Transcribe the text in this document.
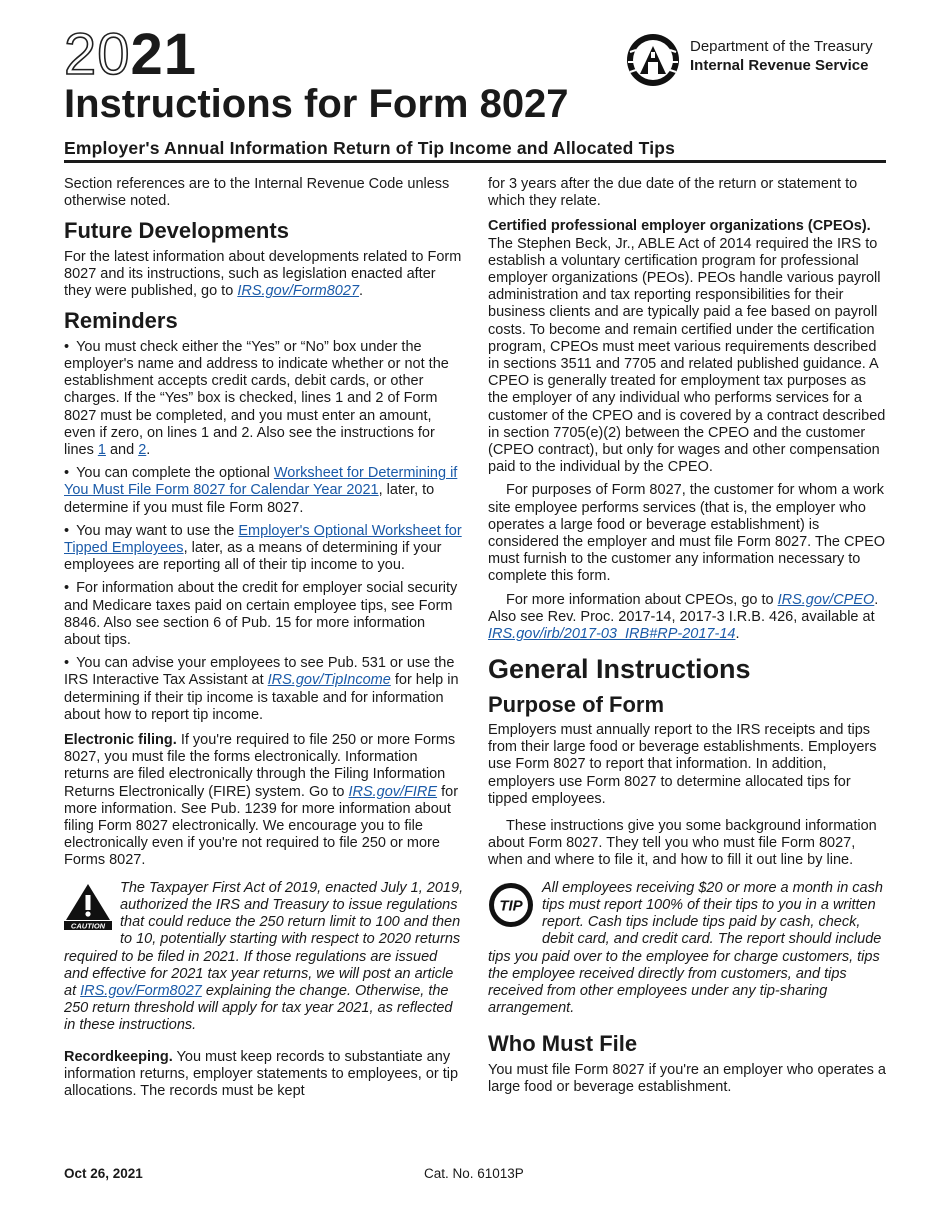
2021
Instructions for Form 8027
Department of the Treasury
Internal Revenue Service
Employer's Annual Information Return of Tip Income and Allocated Tips

Section references are to the Internal Revenue Code unless otherwise noted.

Future Developments

For the latest information about developments related to Form 8027 and its instructions, such as legislation enacted after they were published, go to IRS.gov/Form8027.

Reminders

• You must check either the “Yes” or “No” box under the employer's name and address to indicate whether or not the establishment accepts credit cards, debit cards, or other charges. If the “Yes” box is checked, lines 1 and 2 of Form 8027 must be completed, and you must enter an amount, even if zero, on lines 1 and 2. Also see the instructions for lines 1 and 2.

• You can complete the optional Worksheet for Determining if You Must File Form 8027 for Calendar Year 2021, later, to determine if you must file Form 8027.

• You may want to use the Employer's Optional Worksheet for Tipped Employees, later, as a means of determining if your employees are reporting all of their tip income to you.

• For information about the credit for employer social security and Medicare taxes paid on certain employee tips, see Form 8846. Also see section 6 of Pub. 15 for more information about tips.

• You can advise your employees to see Pub. 531 or use the IRS Interactive Tax Assistant at IRS.gov/TipIncome for help in determining if their tip income is taxable and for information about how to report tip income.

Electronic filing. If you're required to file 250 or more Forms 8027, you must file the forms electronically. Information returns are filed electronically through the Filing Information Returns Electronically (FIRE) system. Go to IRS.gov/FIRE for more information. See Pub. 1239 for more information about filing Form 8027 electronically. We encourage you to file electronically even if you're not required to file 250 or more Forms 8027.

CAUTION
The Taxpayer First Act of 2019, enacted July 1, 2019, authorized the IRS and Treasury to issue regulations that could reduce the 250 return limit to 100 and then to 10, potentially starting with respect to 2020 returns required to be filed in 2021. If those regulations are issued and effective for 2021 tax year returns, we will post an article at IRS.gov/Form8027 explaining the change. Otherwise, the 250 return threshold will apply for tax year 2021, as reflected in these instructions.

Recordkeeping. You must keep records to substantiate any information returns, employer statements to employees, or tip allocations. The records must be kept

for 3 years after the due date of the return or statement to which they relate.

Certified professional employer organizations (CPEOs). The Stephen Beck, Jr., ABLE Act of 2014 required the IRS to establish a voluntary certification program for professional employer organizations (PEOs). PEOs handle various payroll administration and tax reporting responsibilities for their business clients and are typically paid a fee based on payroll costs. To become and remain certified under the certification program, CPEOs must meet various requirements described in sections 3511 and 7705 and related published guidance. A CPEO is generally treated for employment tax purposes as the employer of any individual who performs services for a customer of the CPEO and is covered by a contract described in section 7705(e)(2) between the CPEO and the customer (CPEO contract), but only for wages and other compensation paid to the individual by the CPEO.

For purposes of Form 8027, the customer for whom a work site employee performs services (that is, the employer who operates a large food or beverage establishment) is considered the employer and must file Form 8027. The CPEO must furnish to the customer any information necessary to complete this form.

For more information about CPEOs, go to IRS.gov/CPEO. Also see Rev. Proc. 2017-14, 2017-3 I.R.B. 426, available at IRS.gov/irb/2017-03_IRB#RP-2017-14.

General Instructions
Purpose of Form

Employers must annually report to the IRS receipts and tips from their large food or beverage establishments. Employers use Form 8027 to report that information. In addition, employers use Form 8027 to determine allocated tips for tipped employees.

These instructions give you some background information about Form 8027. They tell you who must file Form 8027, when and where to file it, and how to fill it out line by line.

TIP
All employees receiving $20 or more a month in cash tips must report 100% of their tips to you in a written report. Cash tips include tips paid by cash, check, debit card, and credit card. The report should include tips you paid over to the employee for charge customers, tips the employee received directly from customers, and tips received from other employees under any tip-sharing arrangement.
Who Must File

You must file Form 8027 if you're an employer who operates a large food or beverage establishment.

Oct 26, 2021	Cat. No. 61013P
